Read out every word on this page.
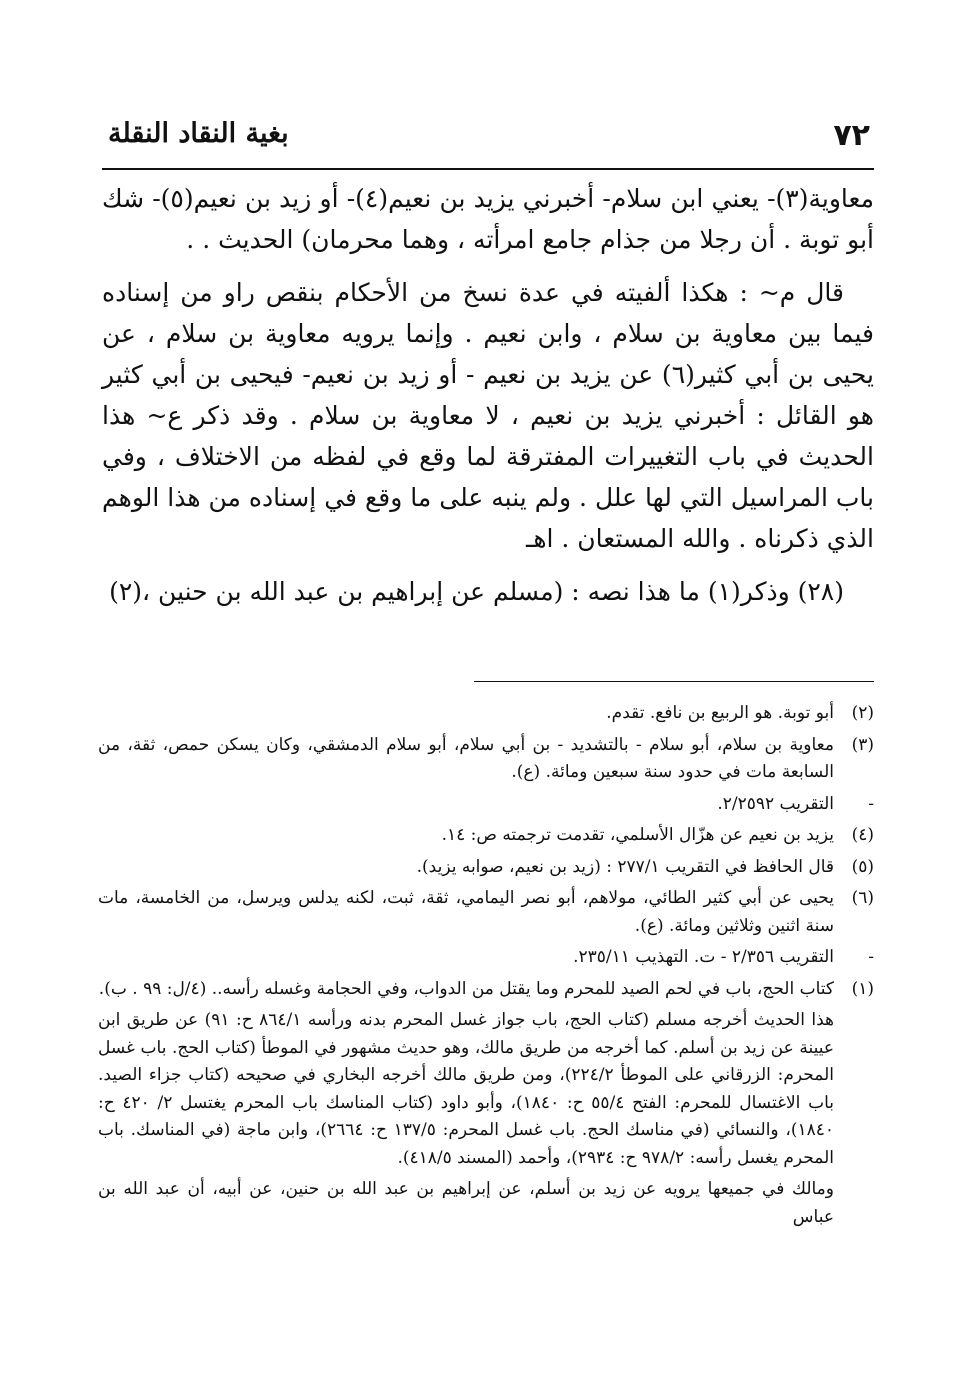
٧٢
بغية النقاد النقلة

معاوية(٣)- يعني ابن سلام- أخبرني يزيد بن نعيم(٤)- أو زيد بن نعيم(٥)- شك أبو توبة . أن رجلا من جذام جامع امرأته ، وهما محرمان) الحديث . .

قال م~ : هكذا ألفيته في عدة نسخ من الأحكام بنقص راو من إسناده فيما بين معاوية بن سلام ، وابن نعيم . وإنما يرويه معاوية بن سلام ، عن يحيى بن أبي كثير(٦) عن يزيد بن نعيم - أو زيد بن نعيم- فيحيى بن أبي كثير هو القائل : أخبرني يزيد بن نعيم ، لا معاوية بن سلام . وقد ذكر ع~ هذا الحديث في باب التغييرات المفترقة لما وقع في لفظه من الاختلاف ، وفي باب المراسيل التي لها علل . ولم ينبه على ما وقع في إسناده من هذا الوهم الذي ذكرناه . والله المستعان . اهـ

(٢٨) وذكر(١) ما هذا نصه : (مسلم عن إبراهيم بن عبد الله بن حنين ،(٢)

(٢)
أبو توبة. هو الربيع بن نافع. تقدم.
(٣)
معاوية بن سلام، أبو سلام - بالتشديد - بن أبي سلام، أبو سلام الدمشقي، وكان يسكن حمص، ثقة، من السابعة مات في حدود سنة سبعين ومائة. (ع).
-
التقريب ٢/٢٥٩٢.
(٤)
يزيد بن نعيم عن هزّال الأسلمي، تقدمت ترجمته ص: ١٤.
(٥)
قال الحافظ في التقريب ٢٧٧/١ : (زيد بن نعيم، صوابه يزيد).
(٦)
يحيى عن أبي كثير الطائي، مولاهم، أبو نصر اليمامي، ثقة، ثبت، لكنه يدلس ويرسل، من الخامسة، مات سنة اثنين وثلاثين ومائة. (ع).
-
التقريب ٢/٣٥٦ - ت. التهذيب ٢٣٥/١١.
(١)
كتاب الحج، باب في لحم الصيد للمحرم وما يقتل من الدواب، وفي الحجامة وغسله رأسه.. (٤/ل: ٩٩ . ب).
هذا الحديث أخرجه مسلم (كتاب الحج، باب جواز غسل المحرم بدنه ورأسه ٨٦٤/١ ح: ٩١) عن طريق ابن عيينة عن زيد بن أسلم. كما أخرجه من طريق مالك، وهو حديث مشهور في الموطأ (كتاب الحج. باب غسل المحرم: الزرقاني على الموطأ ٢٢٤/٢)، ومن طريق مالك أخرجه البخاري في صحيحه (كتاب جزاء الصيد. باب الاغتسال للمحرم: الفتح ٥٥/٤ ح: ١٨٤٠)، وأبو داود (كتاب المناسك باب المحرم يغتسل ٢/ ٤٢٠ ح: ١٨٤٠)، والنسائي (في مناسك الحج. باب غسل المحرم: ١٣٧/٥ ح: ٢٦٦٤)، وابن ماجة (في المناسك. باب المحرم يغسل رأسه: ٩٧٨/٢ ح: ٢٩٣٤)، وأحمد (المسند ٤١٨/٥).
ومالك في جميعها يرويه عن زيد بن أسلم، عن إبراهيم بن عبد الله بن حنين، عن أبيه، أن عبد الله بن عباس
